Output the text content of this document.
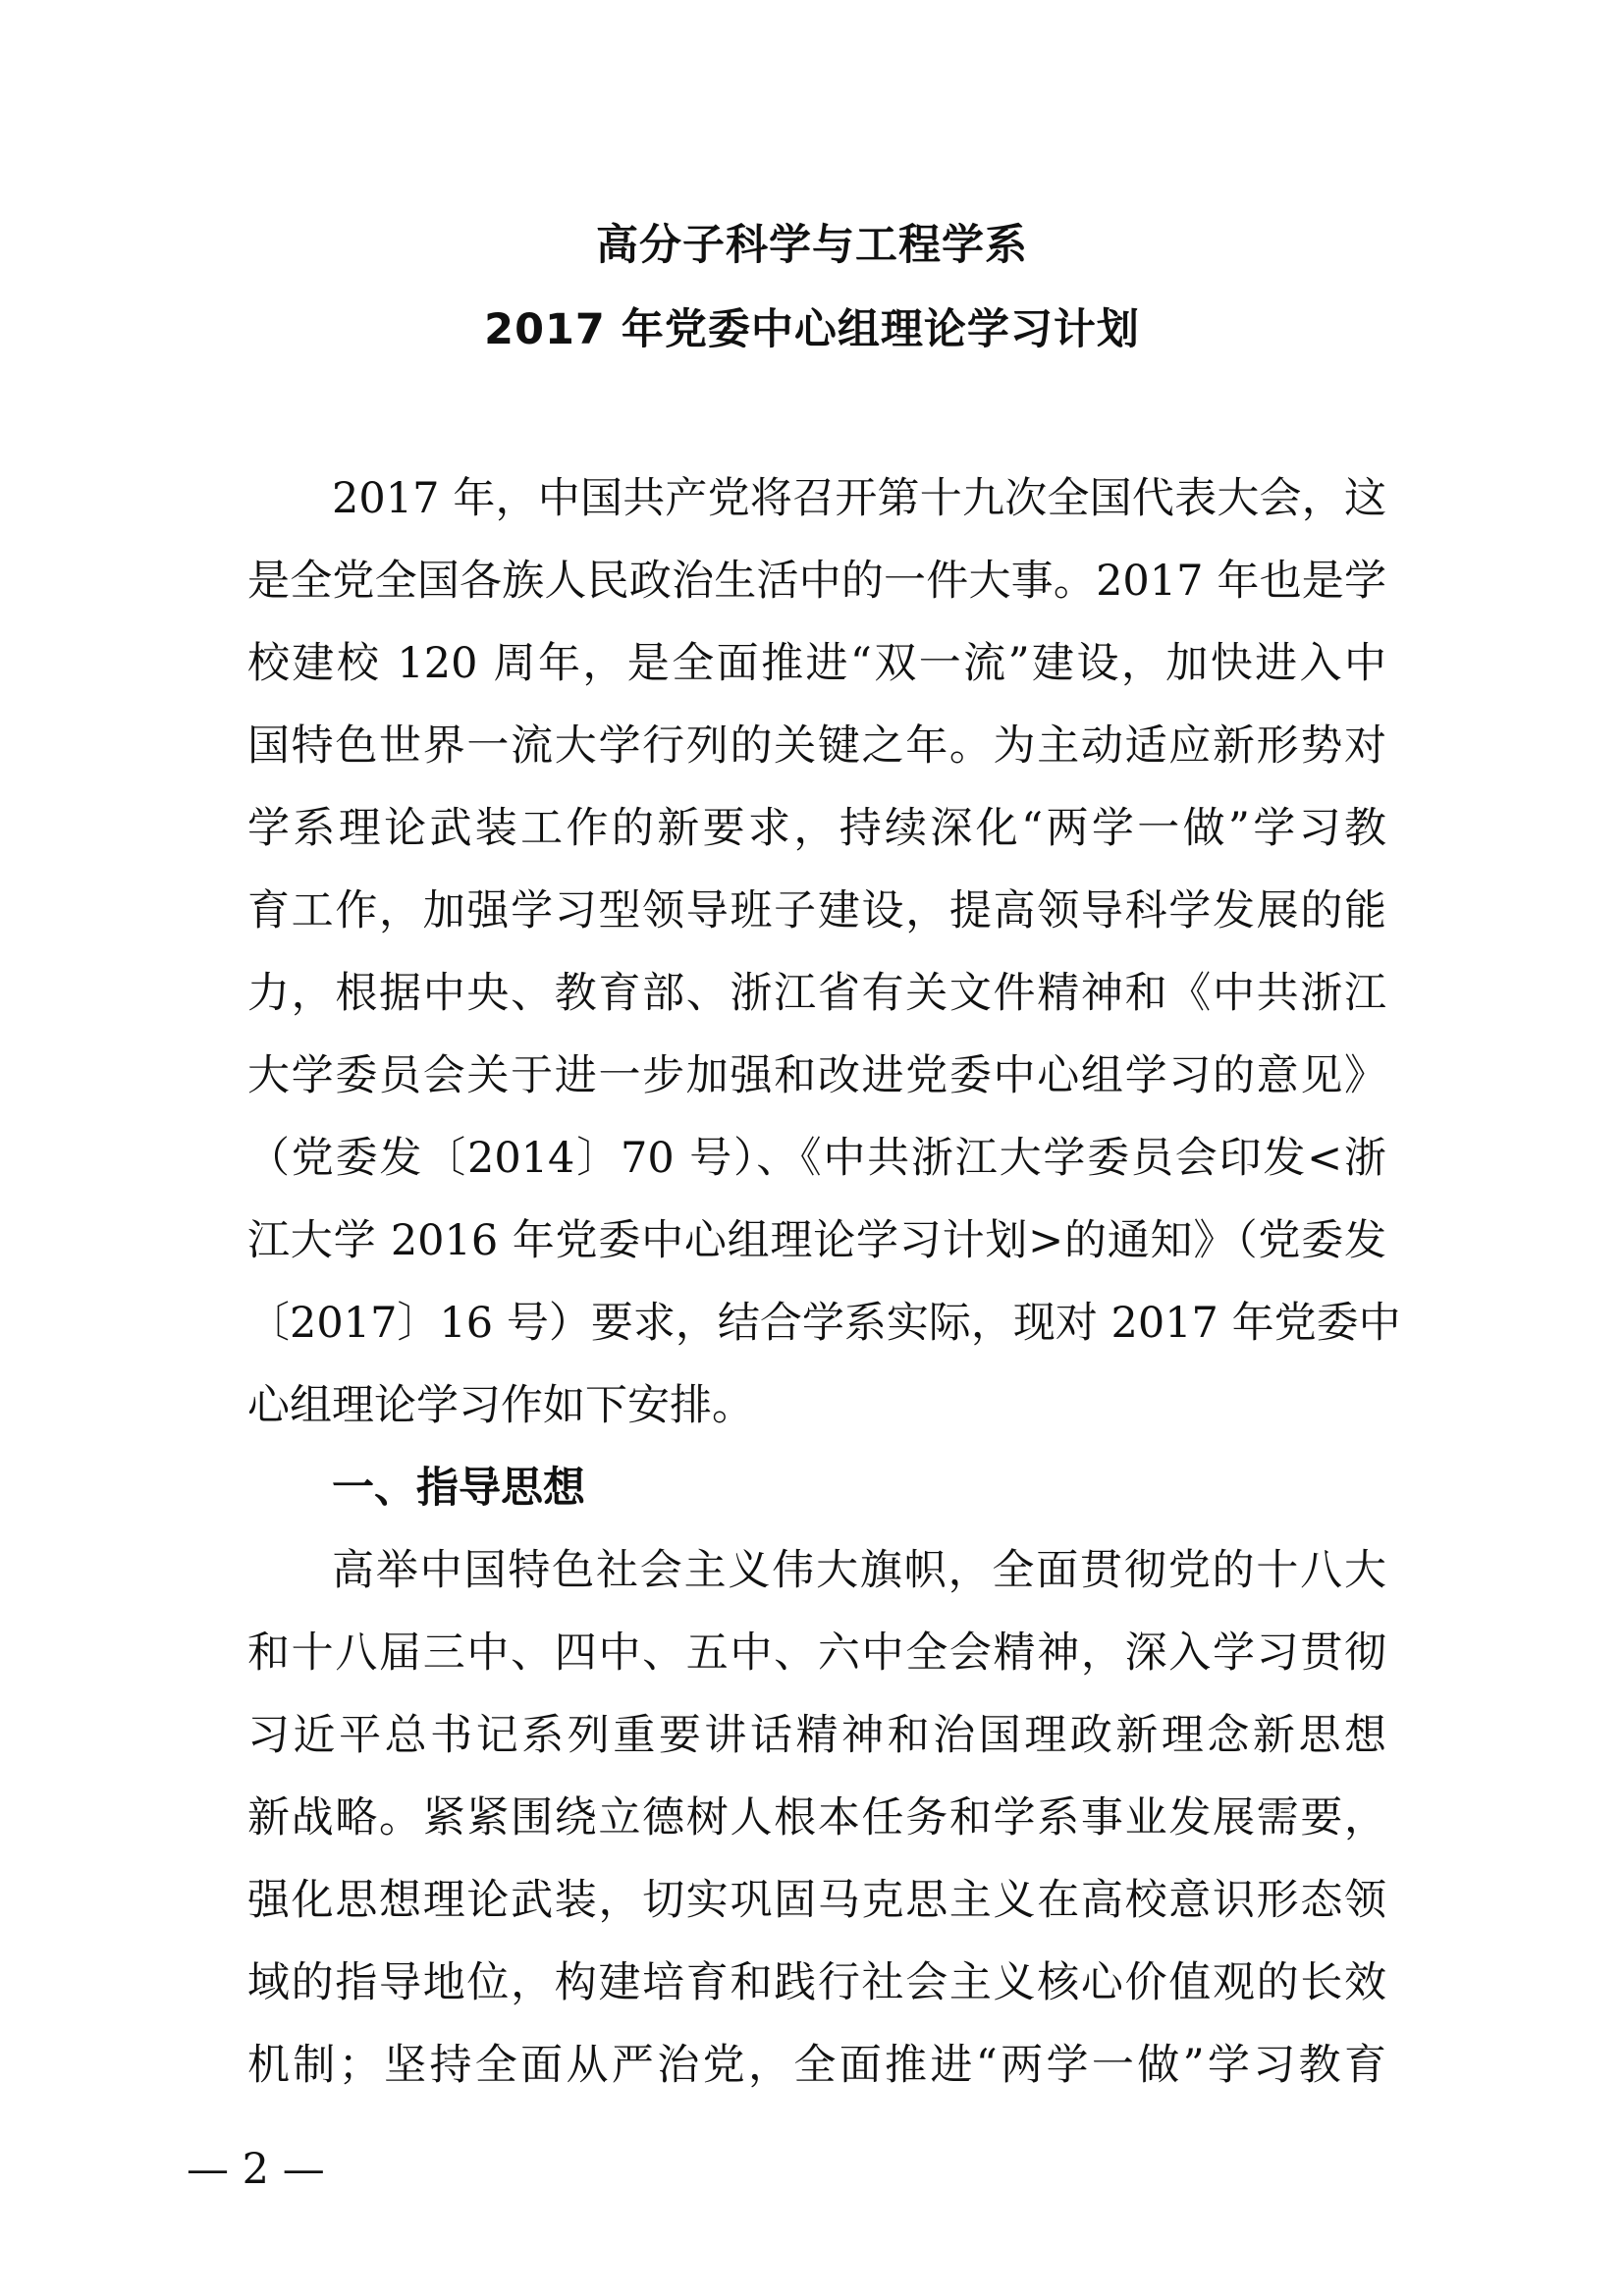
高分子科学与工程学系
2017 年党委中心组理论学习计划
2017 年，中国共产党将召开第十九次全国代表大会，这
是全党全国各族人民政治生活中的一件大事。2017 年也是学
校建校 120 周年，是全面推进“双一流”建设，加快进入中
国特色世界一流大学行列的关键之年。为主动适应新形势对
学系理论武装工作的新要求，持续深化“两学一做”学习教
育工作，加强学习型领导班子建设，提高领导科学发展的能
力，根据中央、教育部、浙江省有关文件精神和《中共浙江
大学委员会关于进一步加强和改进党委中心组学习的意见》
（党委发〔2014〕70 号）、《中共浙江大学委员会印发<浙
江大学 2016 年党委中心组理论学习计划>的通知》（党委发
〔2017〕16 号）要求，结合学系实际，现对 2017 年党委中
心组理论学习作如下安排。
一、指导思想
高举中国特色社会主义伟大旗帜，全面贯彻党的十八大
和十八届三中、四中、五中、六中全会精神，深入学习贯彻
习近平总书记系列重要讲话精神和治国理政新理念新思想
新战略。紧紧围绕立德树人根本任务和学系事业发展需要，
强化思想理论武装，切实巩固马克思主义在高校意识形态领
域的指导地位，构建培育和践行社会主义核心价值观的长效
机制；坚持全面从严治党，全面推进“两学一做”学习教育
— 2 —
